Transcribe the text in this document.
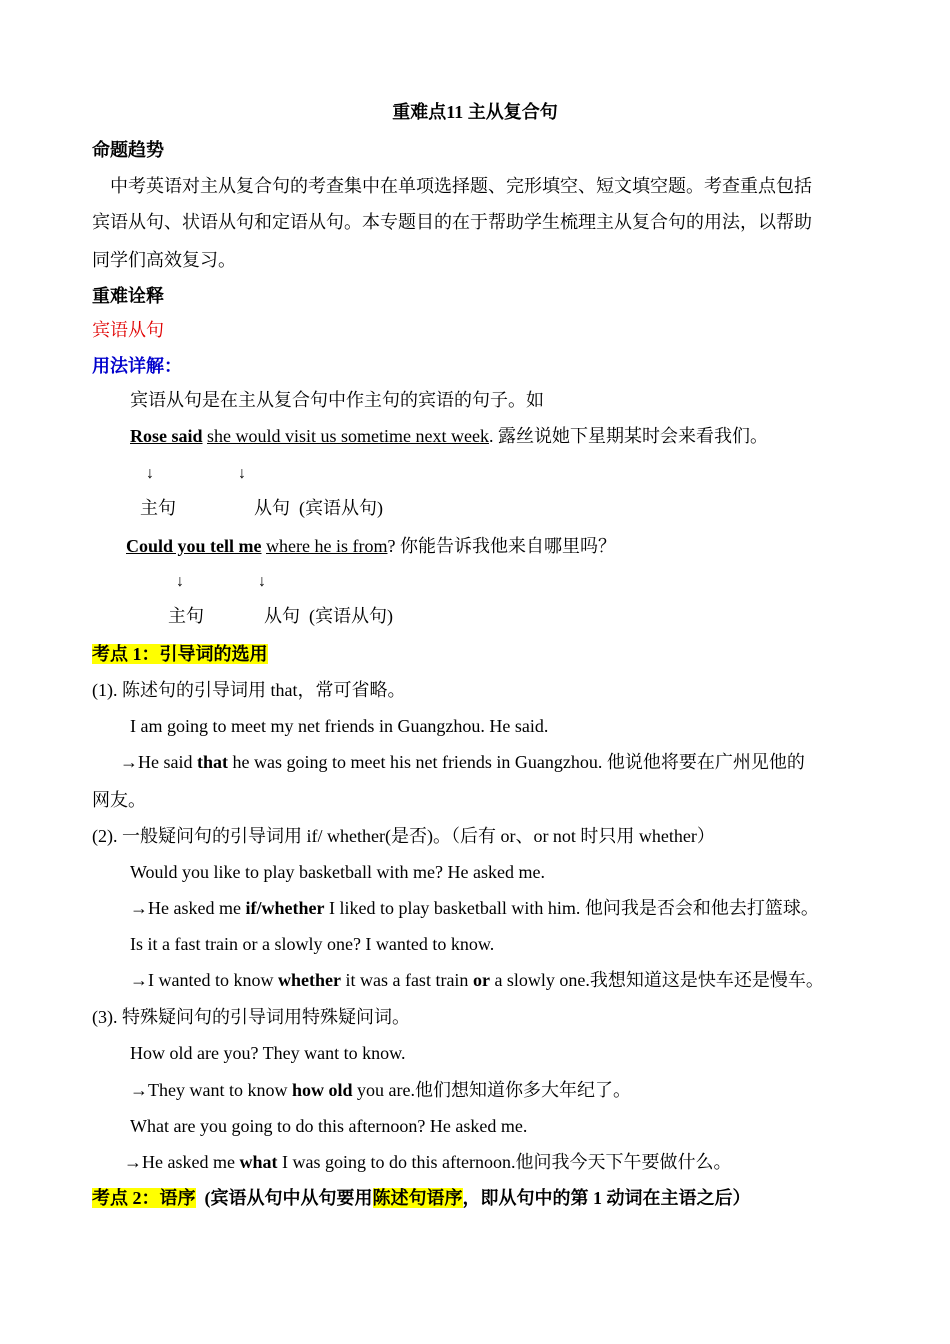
重难点11 主从复合句
命题趋势
中考英语对主从复合句的考查集中在单项选择题、完形填空、短文填空题。考查重点包括
宾语从句、状语从句和定语从句。本专题目的在于帮助学生梳理主从复合句的用法，以帮助
同学们高效复习。
重难诠释
宾语从句
用法详解：
宾语从句是在主从复合句中作主句的宾语的句子。如
Rose said she would visit us sometime next week. 露丝说她下星期某时会来看我们。
↓	↓
主句	从句 (宾语从句)
Could you tell me where he is from? 你能告诉我他来自哪里吗？
↓	↓
主句	从句 (宾语从句)
考点 1：引导词的选用
(1). 陈述句的引导词用 that，常可省略。
I am going to meet my net friends in Guangzhou. He said.
→He said that he was going to meet his net friends in Guangzhou. 他说他将要在广州见他的
网友。
(2). 一般疑问句的引导词用 if/ whether(是否)。（后有 or、or not 时只用 whether）
Would you like to play basketball with me? He asked me.
→He asked me if/whether I liked to play basketball with him. 他问我是否会和他去打篮球。
Is it a fast train or a slowly one? I wanted to know.
→I wanted to know whether it was a fast train or a slowly one.我想知道这是快车还是慢车。
(3). 特殊疑问句的引导词用特殊疑问词。
How old are you? They want to know.
→They want to know how old you are.他们想知道你多大年纪了。
What are you going to do this afternoon? He asked me.
→He asked me what I was going to do this afternoon.他问我今天下午要做什么。
考点 2：语序 (宾语从句中从句要用陈述句语序，即从句中的第 1 动词在主语之后）
